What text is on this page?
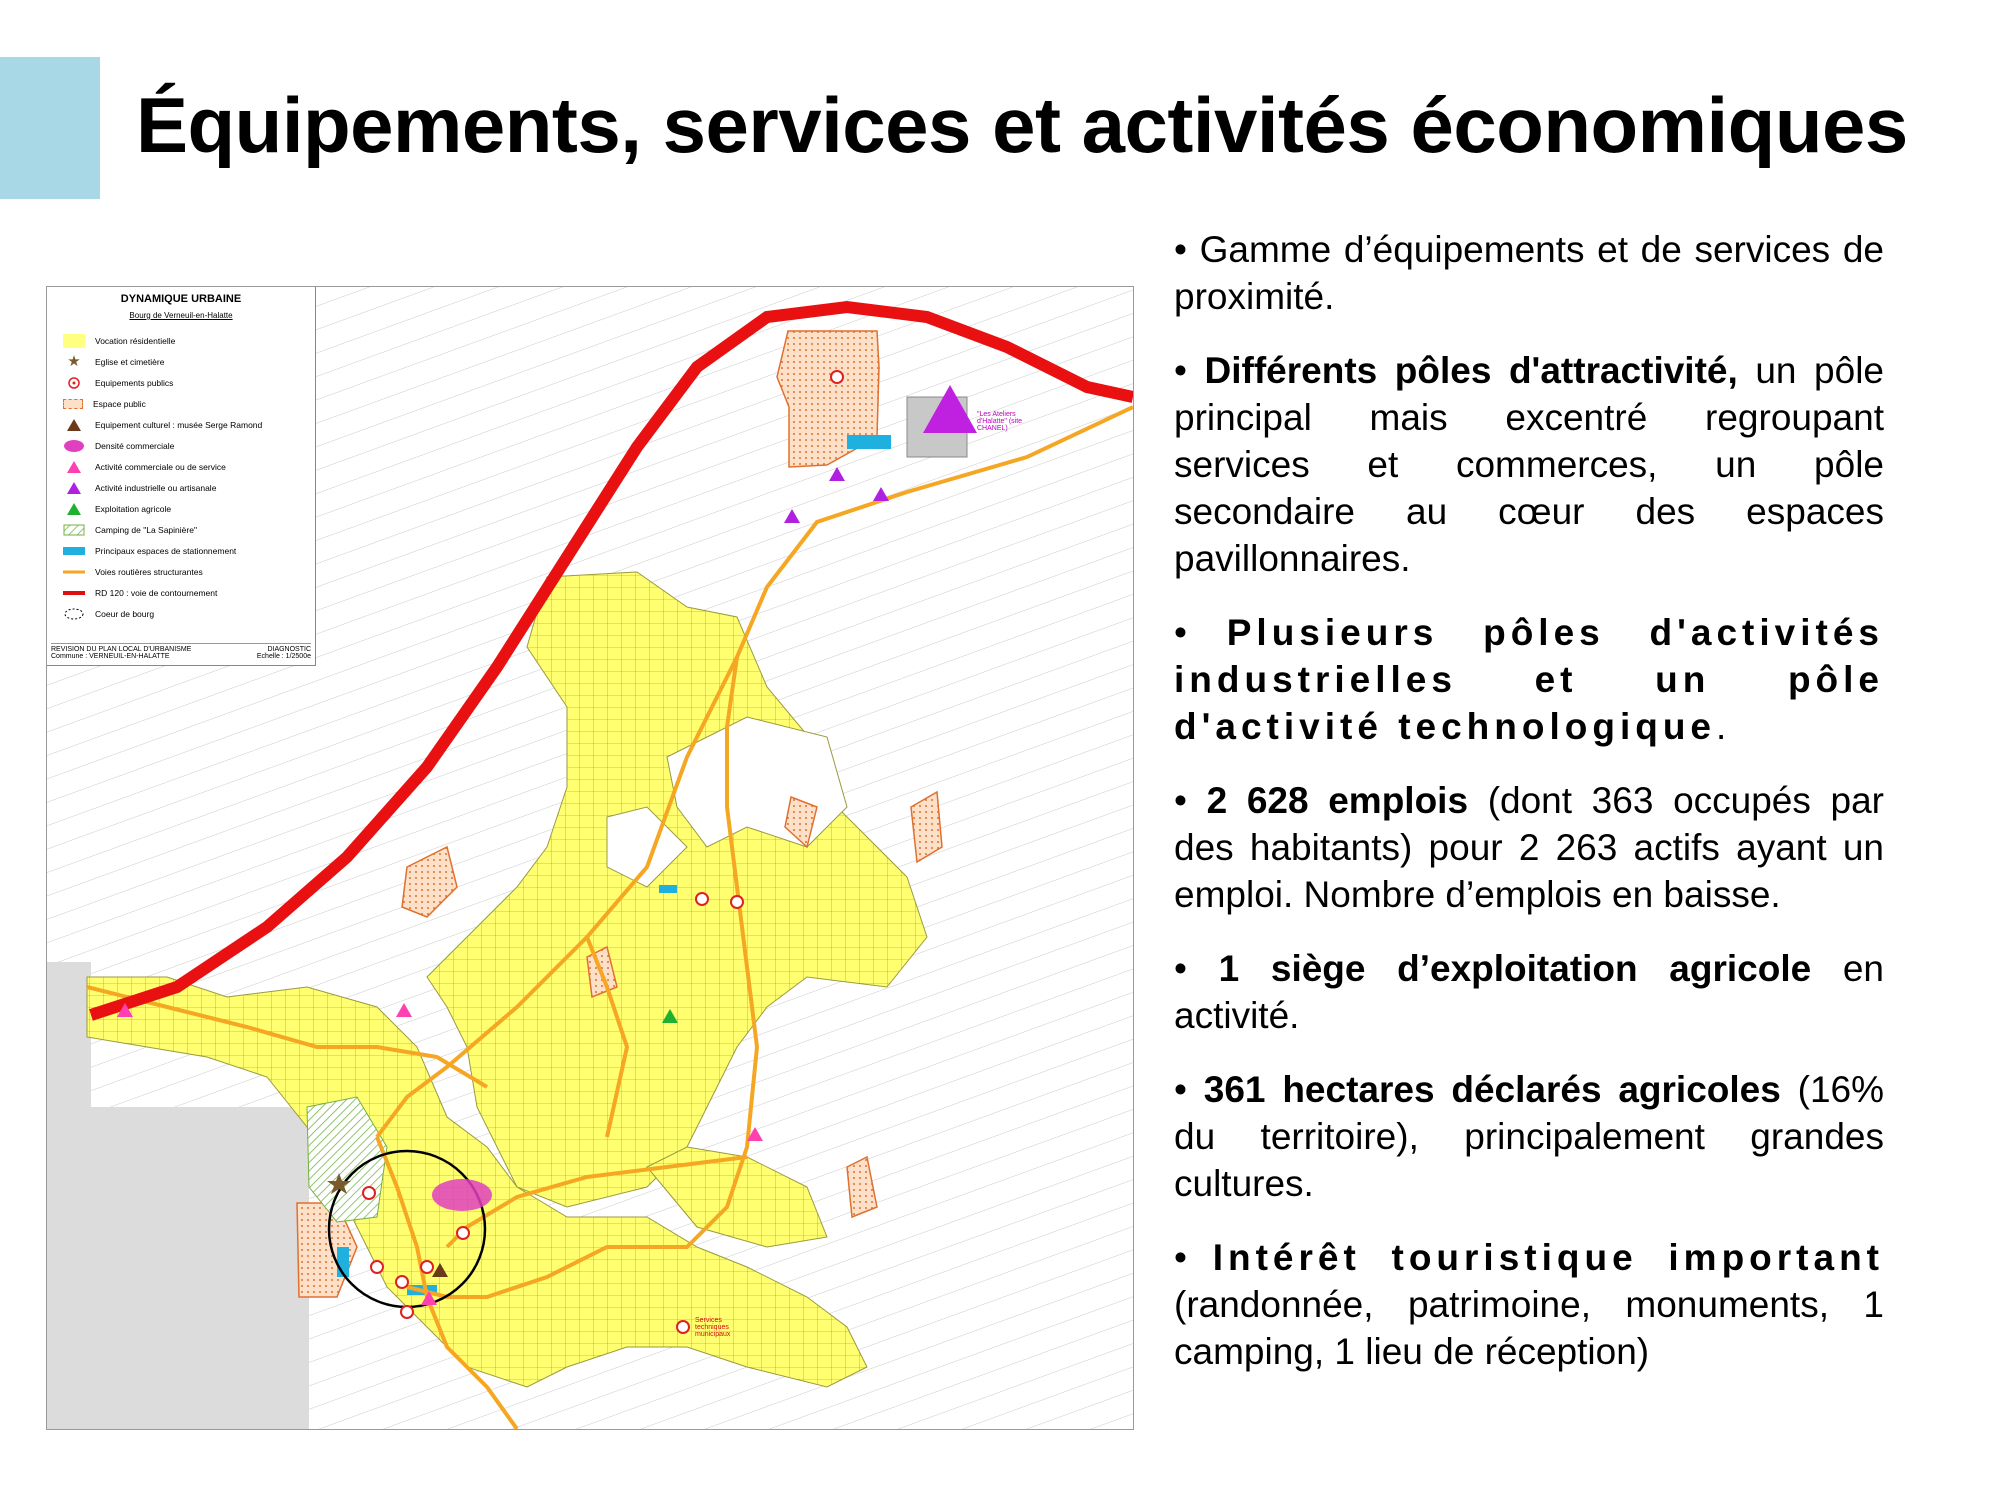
Équipements, services et activités économiques
"Les Ateliers d'Halatte" (site CHANEL)
Services techniques municipaux
DYNAMIQUE URBAINE
Bourg de Verneuil-en-Halatte
Vocation résidentielle
★	Eglise et cimetière
Equipements publics
Espace public
Equipement culturel : musée Serge Ramond
Densité commerciale
Activité commerciale ou de service
Activité industrielle ou artisanale
Exploitation agricole
Camping de "La Sapinière"
Principaux espaces de stationnement
Voies routières structurantes
RD 120 : voie de contournement
Coeur de bourg
DIAGNOSTIC
Echelle : 1/2500e
REVISION DU PLAN LOCAL D'URBANISME
Commune : VERNEUIL-EN-HALATTE

• Gamme d’équipements et de services de proximité.

• Différents pôles d'attractivité, un pôle principal mais excentré regroupant services et commerces, un pôle secondaire au cœur des espaces pavillonnaires.

• Plusieurs pôles d'activités industrielles et un pôle d'activité technologique.

• 2 628 emplois (dont 363 occupés par des habitants) pour 2 263 actifs ayant un emploi. Nombre d’emplois en baisse.

• 1 siège d’exploitation agricole en activité.

• 361 hectares déclarés agricoles (16% du territoire), principalement grandes cultures.

• Intérêt touristique important (randonnée, patrimoine, monuments, 1 camping, 1 lieu de réception)
